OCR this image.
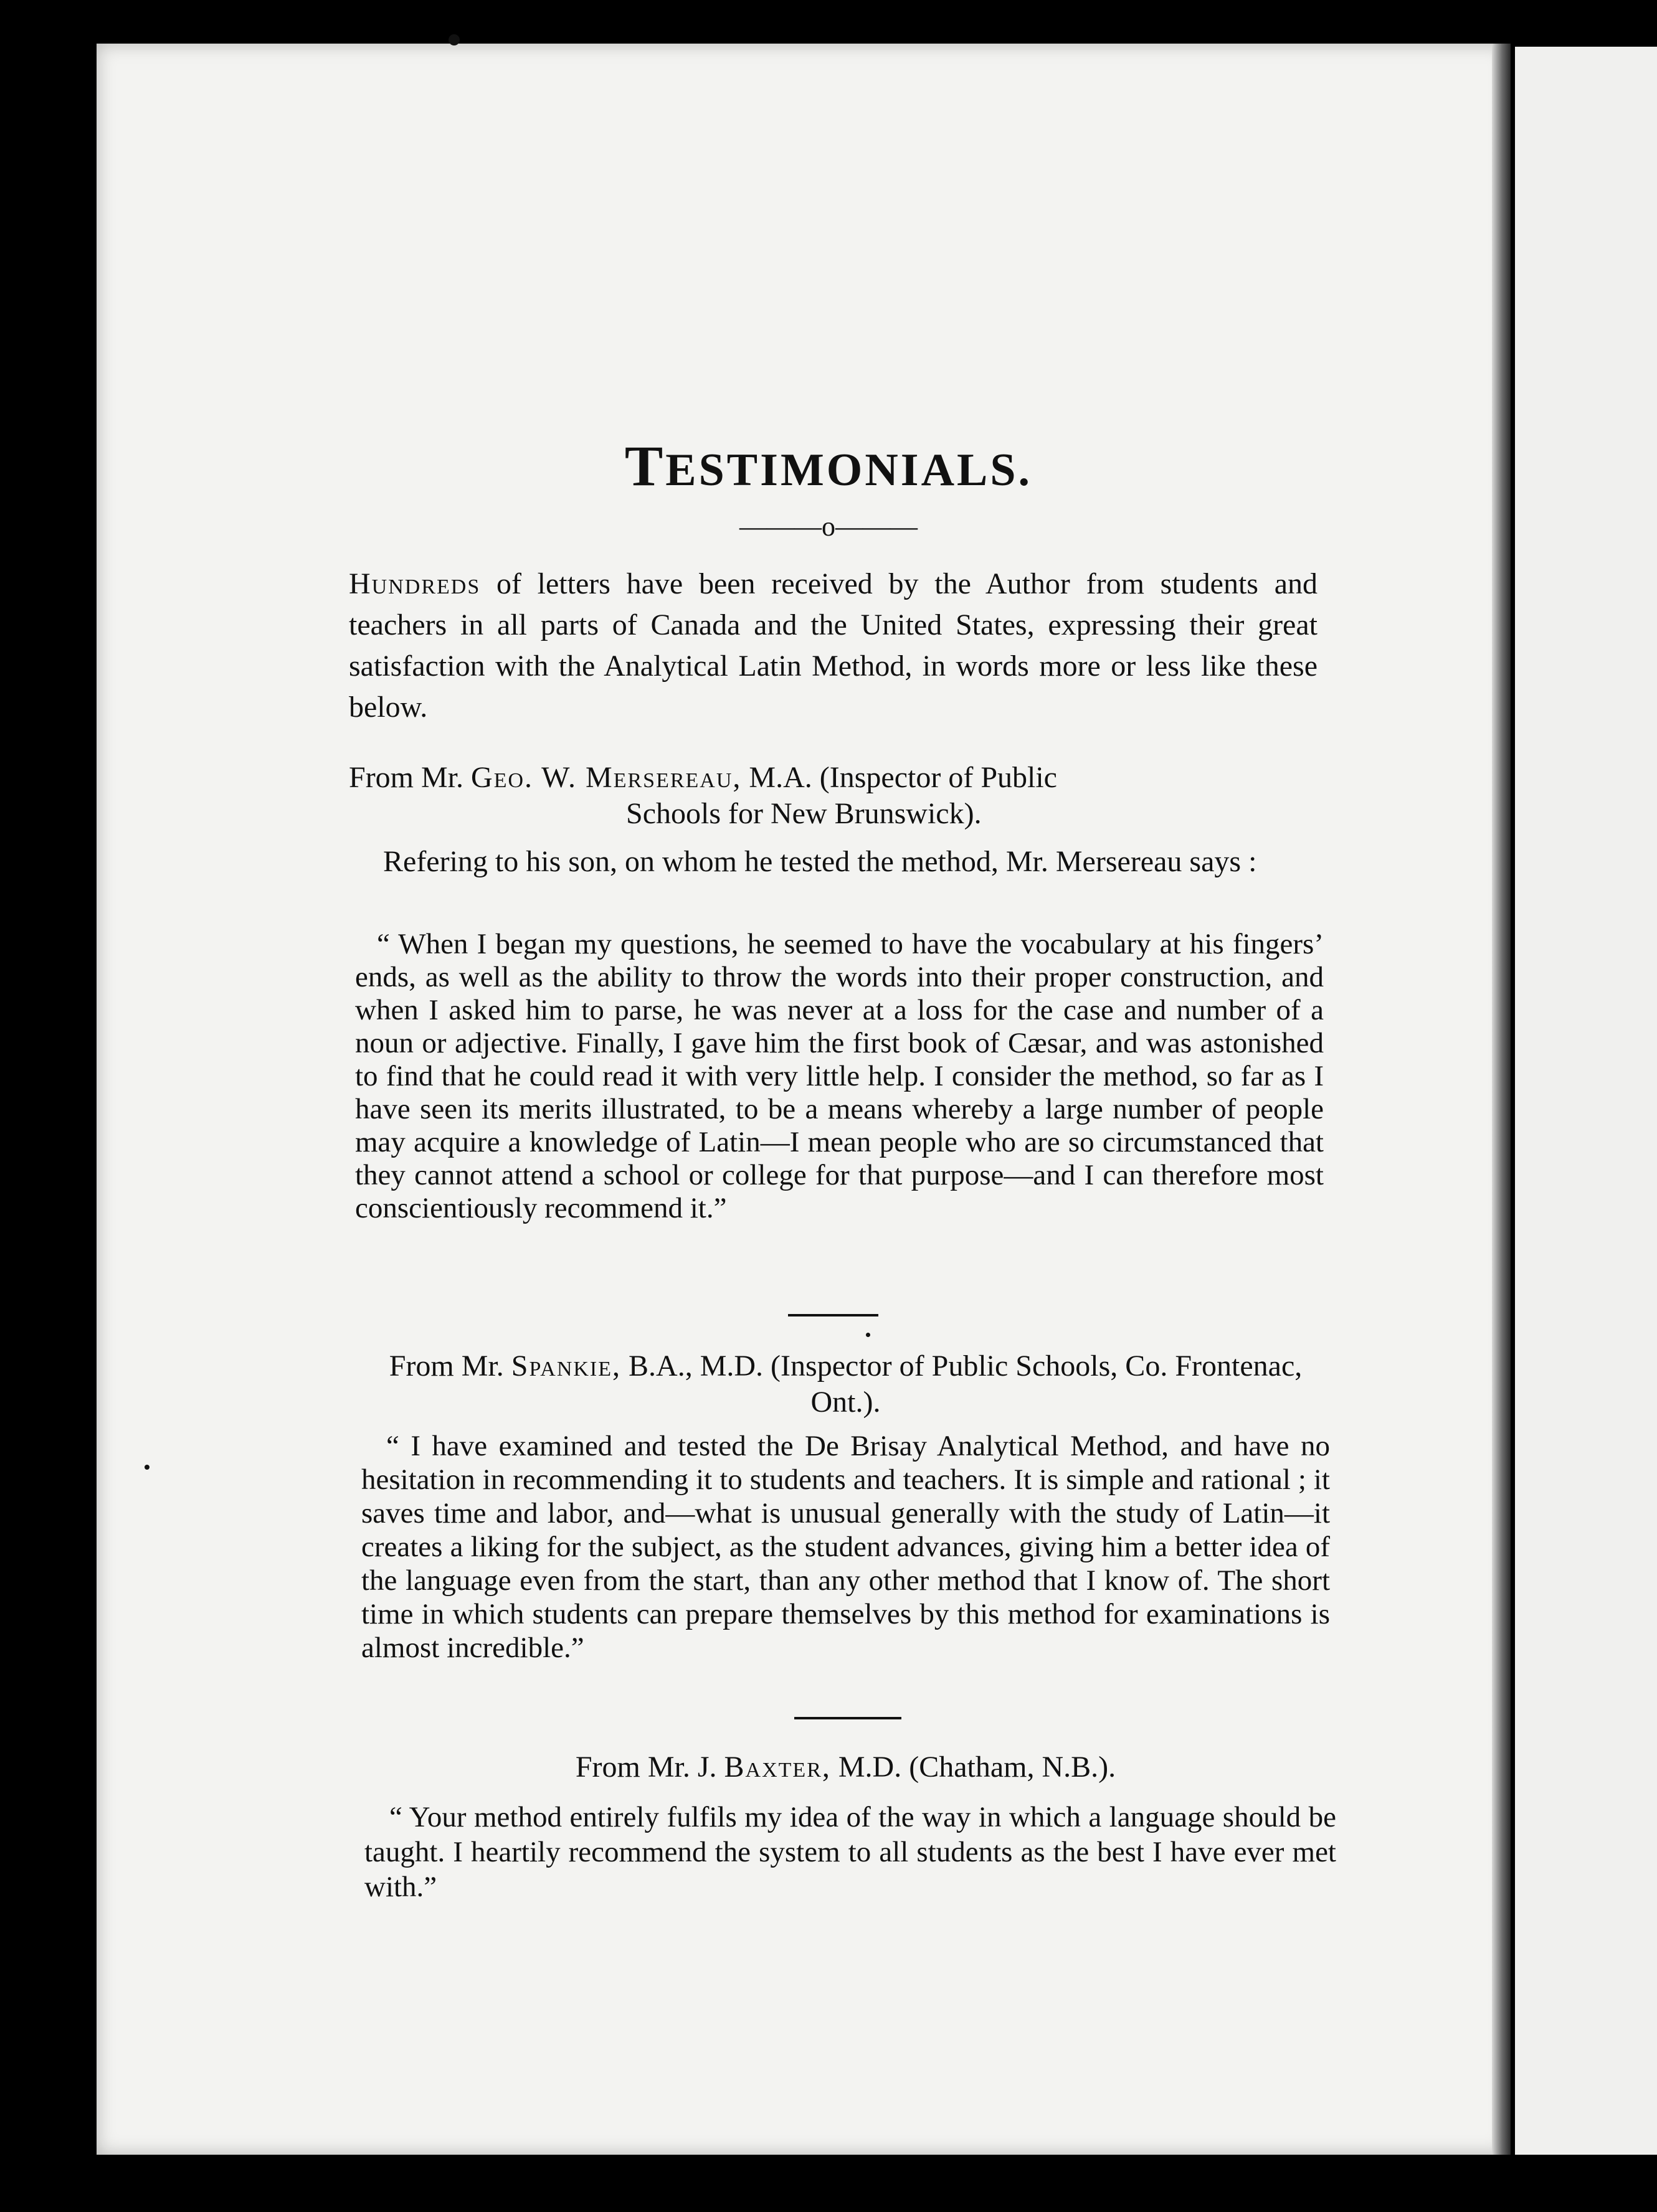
TESTIMONIALS.
———o———
Hundreds of letters have been received by the Author from students and teachers in all parts of Canada and the United States, expressing their great satisfaction with the Analytical Latin Method, in words more or less like these below.
From Mr. Geo. W. Mersereau, M.A. (Inspector of Public
Schools for New Brunswick).
Refering to his son, on whom he tested the method, Mr. Mersereau says :
“ When I began my questions, he seemed to have the vocabulary at his fingers’ ends, as well as the ability to throw the words into their proper construction, and when I asked him to parse, he was never at a loss for the case and number of a noun or adjective. Finally, I gave him the first book of Cæsar, and was astonished to find that he could read it with very little help. I consider the method, so far as I have seen its merits illustrated, to be a means whereby a large number of people may acquire a knowledge of Latin—I mean people who are so circumstanced that they cannot attend a school or college for that purpose—and I can therefore most conscientiously recommend it.”
From Mr. Spankie, B.A., M.D. (Inspector of Public Schools, Co. Frontenac, Ont.).
“ I have examined and tested the De Brisay Analytical Method, and have no hesitation in recommending it to students and teachers. It is simple and rational ; it saves time and labor, and—what is unusual generally with the study of Latin—it creates a liking for the subject, as the student advances, giving him a better idea of the language even from the start, than any other method that I know of. The short time in which students can prepare themselves by this method for examinations is almost incredible.”
From Mr. J. Baxter, M.D. (Chatham, N.B.).
“ Your method entirely fulfils my idea of the way in which a language should be taught. I heartily recommend the system to all students as the best I have ever met with.”
